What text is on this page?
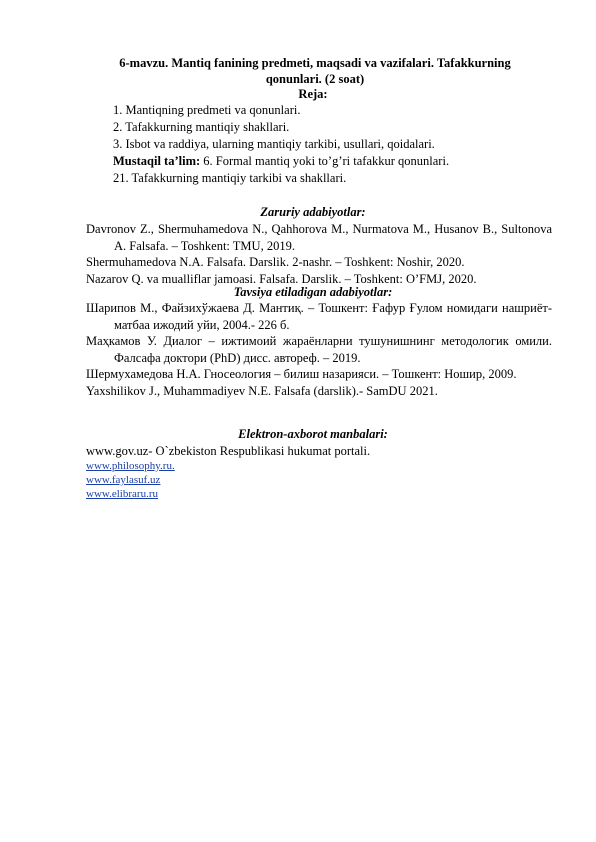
6-mavzu. Mantiq fanining predmeti, maqsadi va vazifalari. Tafakkurning
qonunlari. (2 soat)
Reja:
1. Mantiqning predmeti va qonunlari.
2. Tafakkurning mantiqiy shakllari.
3. Isbot va raddiya, ularning mantiqiy tarkibi, usullari, qoidalari.
Mustaqil ta’lim: 6. Formal mantiq yoki to’g’ri tafakkur qonunlari.
21. Tafakkurning mantiqiy tarkibi va shakllari.
Zaruriy adabiyotlar:
Davronov Z., Shermuhamedova N., Qahhorova M., Nurmatova M., Husanov B., Sultonova A. Falsafa. – Toshkent: TMU, 2019.
Shermuhamedova N.A. Falsafa. Darslik. 2-nashr. – Toshkent: Noshir, 2020.
Nazarov Q. va mualliflar jamoasi. Falsafa. Darslik. – Toshkent: O’FMJ, 2020.
Tavsiya etiladigan adabiyotlar:
Шарипов М., Файзихўжаева Д. Мантиқ. – Тошкент: Ғафур Ғулом номидаги нашриёт-матбаа ижодий уйи, 2004.- 226 б.
Маҳкамов У. Диалог – ижтимоий жараёнларни тушунишнинг методологик омили. Фалсафа доктори (PhD) дисс. автореф. – 2019.
Шермухамедова Н.А. Гносеология – билиш назарияси. – Тошкент: Ношир, 2009.
Yaxshilikov J., Muhammadiyev N.E. Falsafa (darslik).- SamDU 2021.
Elektron-axborot manbalari:
www.gov.uz- O`zbekiston Respublikasi hukumat portali.
www.philosophy.ru.
www.faylasuf.uz
www.elibraru.ru
